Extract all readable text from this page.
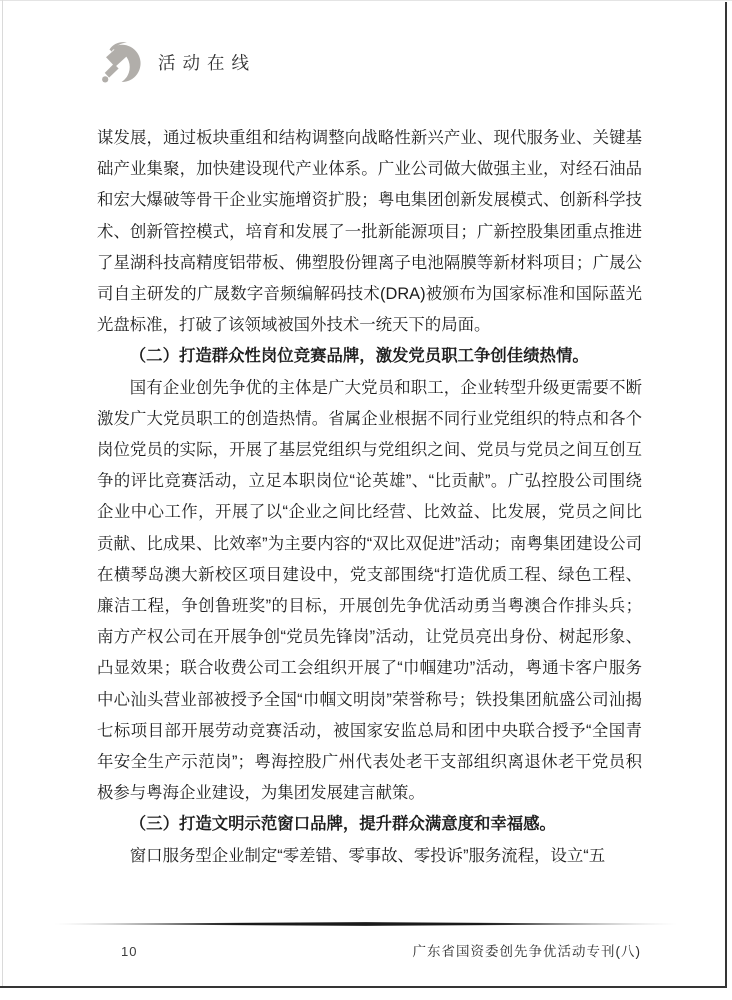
活动在线

谋发展，通过板块重组和结构调整向战略性新兴产业、现代服务业、关键基础产业集聚，加快建设现代产业体系。广业公司做大做强主业，对经石油品和宏大爆破等骨干企业实施增资扩股；粤电集团创新发展模式、创新科学技术、创新管控模式，培育和发展了一批新能源项目；广新控股集团重点推进了星湖科技高精度铝带板、佛塑股份锂离子电池隔膜等新材料项目；广晟公司自主研发的广晟数字音频编解码技术(DRA)被颁布为国家标准和国际蓝光光盘标准，打破了该领域被国外技术一统天下的局面。

（二）打造群众性岗位竞赛品牌，激发党员职工争创佳绩热情。

国有企业创先争优的主体是广大党员和职工，企业转型升级更需要不断激发广大党员职工的创造热情。省属企业根据不同行业党组织的特点和各个岗位党员的实际，开展了基层党组织与党组织之间、党员与党员之间互创互争的评比竞赛活动，立足本职岗位“论英雄”、“比贡献”。广弘控股公司围绕企业中心工作，开展了以“企业之间比经营、比效益、比发展，党员之间比贡献、比成果、比效率”为主要内容的“双比双促进”活动；南粤集团建设公司在横琴岛澳大新校区项目建设中，党支部围绕“打造优质工程、绿色工程、廉洁工程，争创鲁班奖”的目标，开展创先争优活动勇当粤澳合作排头兵；南方产权公司在开展争创“党员先锋岗”活动，让党员亮出身份、树起形象、凸显效果；联合收费公司工会组织开展了“巾帼建功”活动，粤通卡客户服务中心汕头营业部被授予全国“巾帼文明岗”荣誉称号；铁投集团航盛公司汕揭七标项目部开展劳动竞赛活动，被国家安监总局和团中央联合授予“全国青年安全生产示范岗”；粤海控股广州代表处老干支部组织离退休老干党员积极参与粤海企业建设，为集团发展建言献策。

（三）打造文明示范窗口品牌，提升群众满意度和幸福感。

窗口服务型企业制定“零差错、零事故、零投诉”服务流程，设立“五

10	广东省国资委创先争优活动专刊(八)
